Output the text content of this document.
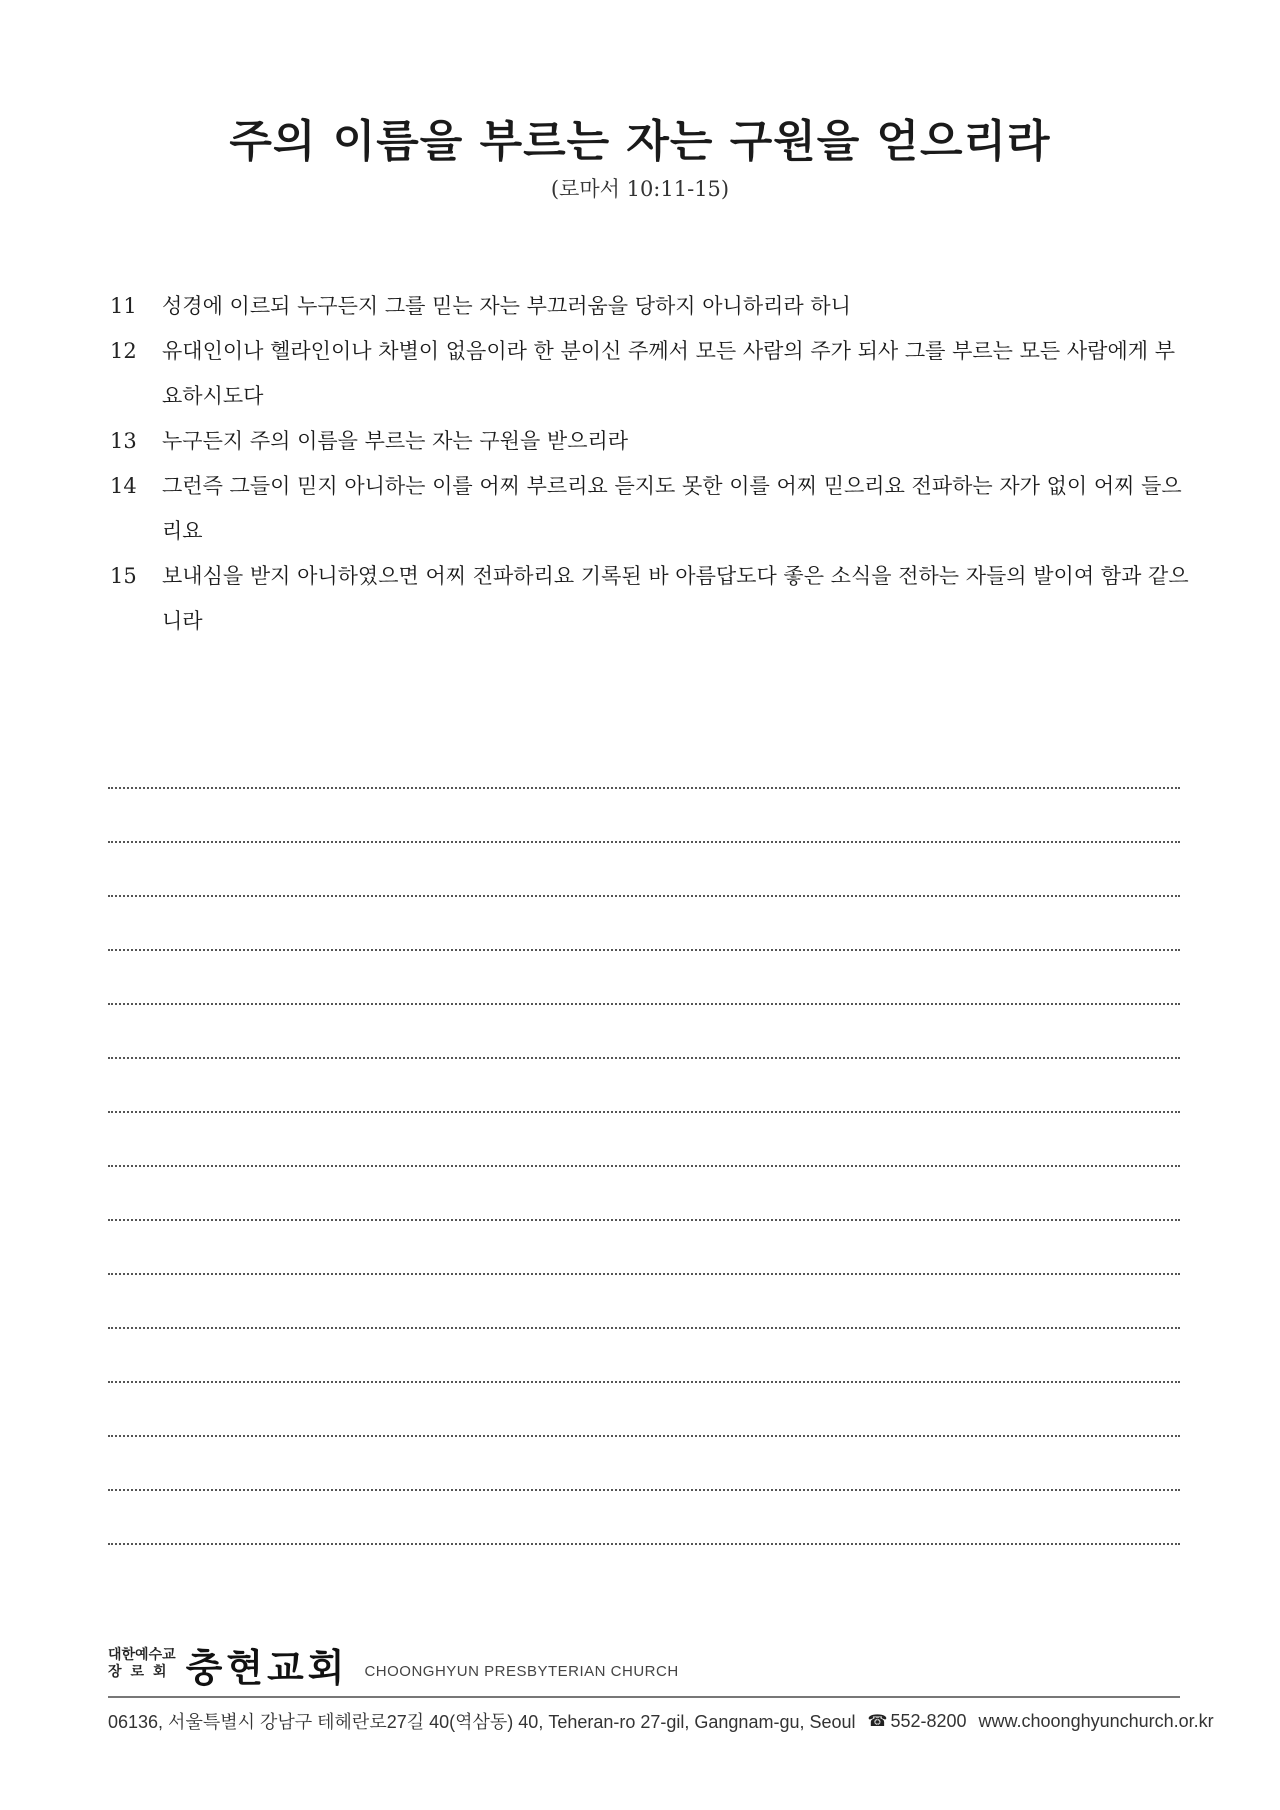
주의 이름을 부르는 자는 구원을 얻으리라
(로마서 10:11-15)
11	성경에 이르되 누구든지 그를 믿는 자는 부끄러움을 당하지 아니하리라 하니
12	유대인이나 헬라인이나 차별이 없음이라 한 분이신 주께서 모든 사람의 주가 되사 그를 부르는 모든 사람에게 부요하시도다
13	누구든지 주의 이름을 부르는 자는 구원을 받으리라
14	그런즉 그들이 믿지 아니하는 이를 어찌 부르리요 듣지도 못한 이를 어찌 믿으리요 전파하는 자가 없이 어찌 들으리요
15	보내심을 받지 아니하였으면 어찌 전파하리요 기록된 바 아름답도다 좋은 소식을 전하는 자들의 발이여 함과 같으니라
대한예수교
장로회 충현교회 CHOONGHYUN PRESBYTERIAN CHURCH
06136, 서울특별시 강남구 테헤란로27길 40(역삼동) 40, Teheran-ro 27-gil, Gangnam-gu, Seoul ☎ 552-8200 www.choonghyunchurch.or.kr
